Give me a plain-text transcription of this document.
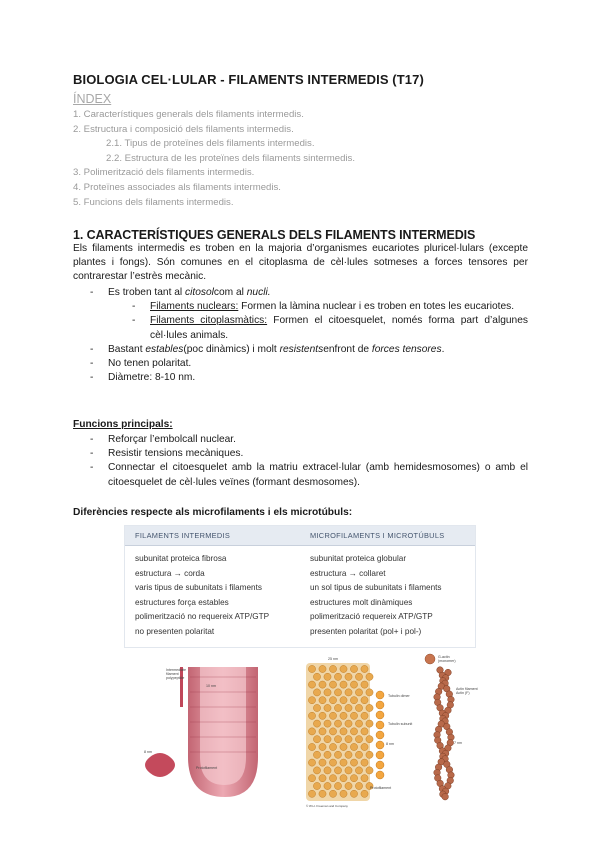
BIOLOGIA CEL·LULAR - FILAMENTS INTERMEDIS (T17)
ÍNDEX
1. Característiques generals dels filaments intermedis.
2. Estructura i composició dels filaments intermedis.
2.1. Tipus de proteïnes dels filaments intermedis.
2.2. Estructura de les proteïnes dels filaments sintermedis.
3. Polimerització dels filaments intermedis.
4. Proteïnes associades als filaments intermedis.
5. Funcions dels filaments intermedis.
1. CARACTERÍSTIQUES GENERALS DELS FILAMENTS INTERMEDIS
Els filaments intermedis es troben en la majoria d’organismes eucariotes pluricel·lulars (excepte plantes i fongs). Són comunes en el citoplasma de cèl·lules sotmeses a forces tensores per contrarestar l’estrès mecànic.
- Es troben tant al citosolcom al nucli.
- Filaments nuclears: Formen la làmina nuclear i es troben en totes les eucariotes.
- Filaments citoplasmàtics: Formen el citoesquelet, només forma part d’algunes cèl·lules animals.
- Bastant estables(poc dinàmics) i molt resistentsenfront de forces tensores.
- No tenen polaritat.
- Diàmetre: 8-10 nm.
Funcions principals:
- Reforçar l’embolcall nuclear.
- Resistir tensions mecàniques.
- Connectar el citoesquelet amb la matriu extracel·lular (amb hemidesmosomes) o amb el citoesquelet de cèl·lules veïnes (formant desmosomes).
Diferències respecte als microfilaments i els microtúbuls:
FILAMENTS INTERMEDIS	MICROFILAMENTS I MICROTÚBULS
subunitat proteica fibrosa
estructura → corda
varis tipus de subunitats i filaments
estructures força estables
polimerització no requereix ATP/GTP
no presenten polaritat
subunitat proteica globular
estructura → collaret
un sol tipus de subunitats i filaments
estructures molt dinàmiques
polimerització requereix ATP/GTP
presenten polaritat (pol+ i pol-)
Intermediate
filament
polypeptide
10 nm
Protofilament
8 nm
25 nm
Tubulin dimer
Tubulin subunit
8 nm
Protofilament
© W.H. Freeman and Company
G-actin
(monomer)
Actin filament
Actin (F)
7 nm
